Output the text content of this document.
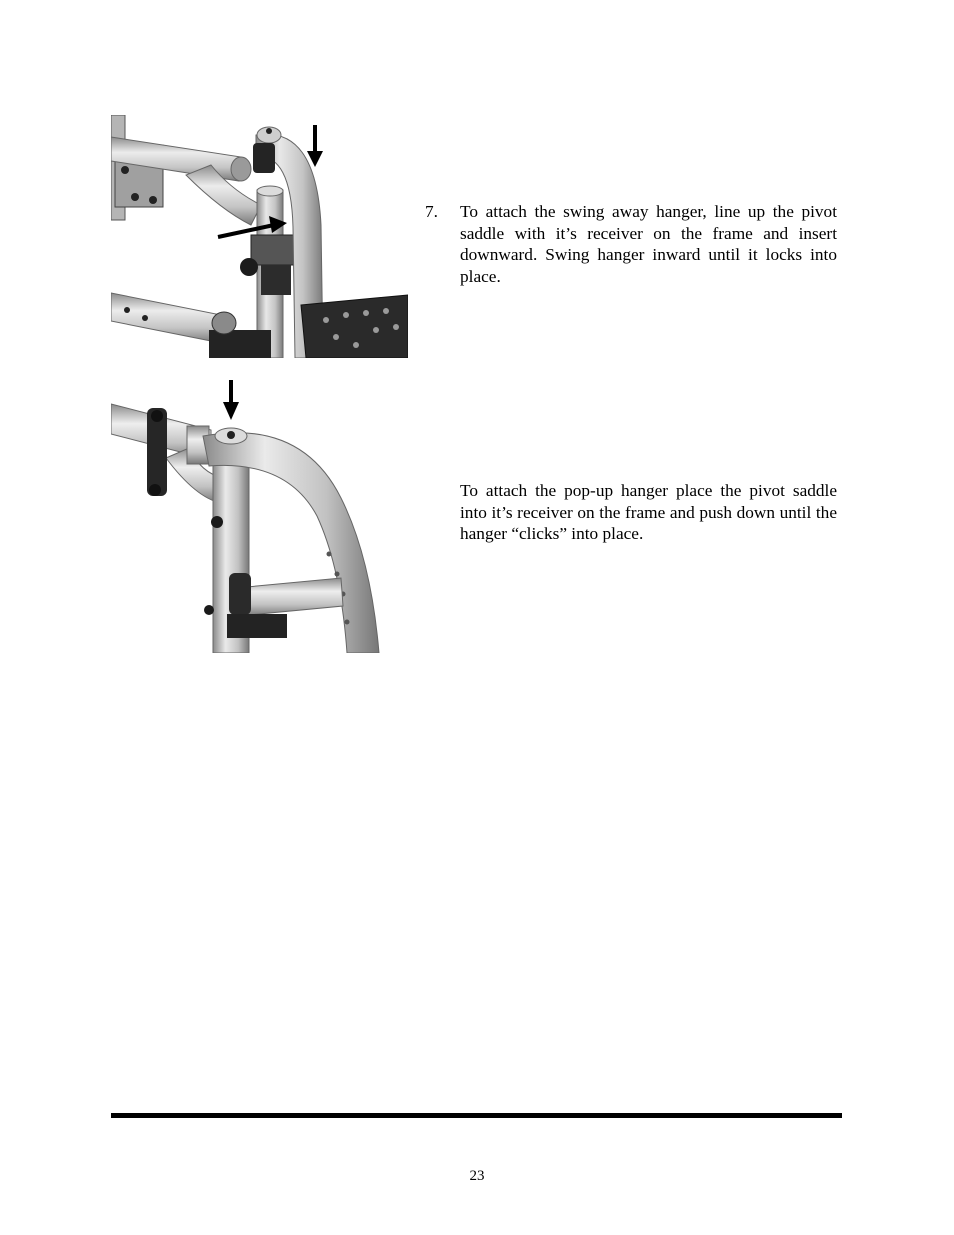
7.	To attach the swing away hanger, line up the pivot saddle with it’s receiver on the frame and insert downward. Swing hanger inward until it locks into place.
To attach the pop-up hanger place the pivot saddle into it’s receiver on the frame and push down until the hanger “clicks” into place.
23
